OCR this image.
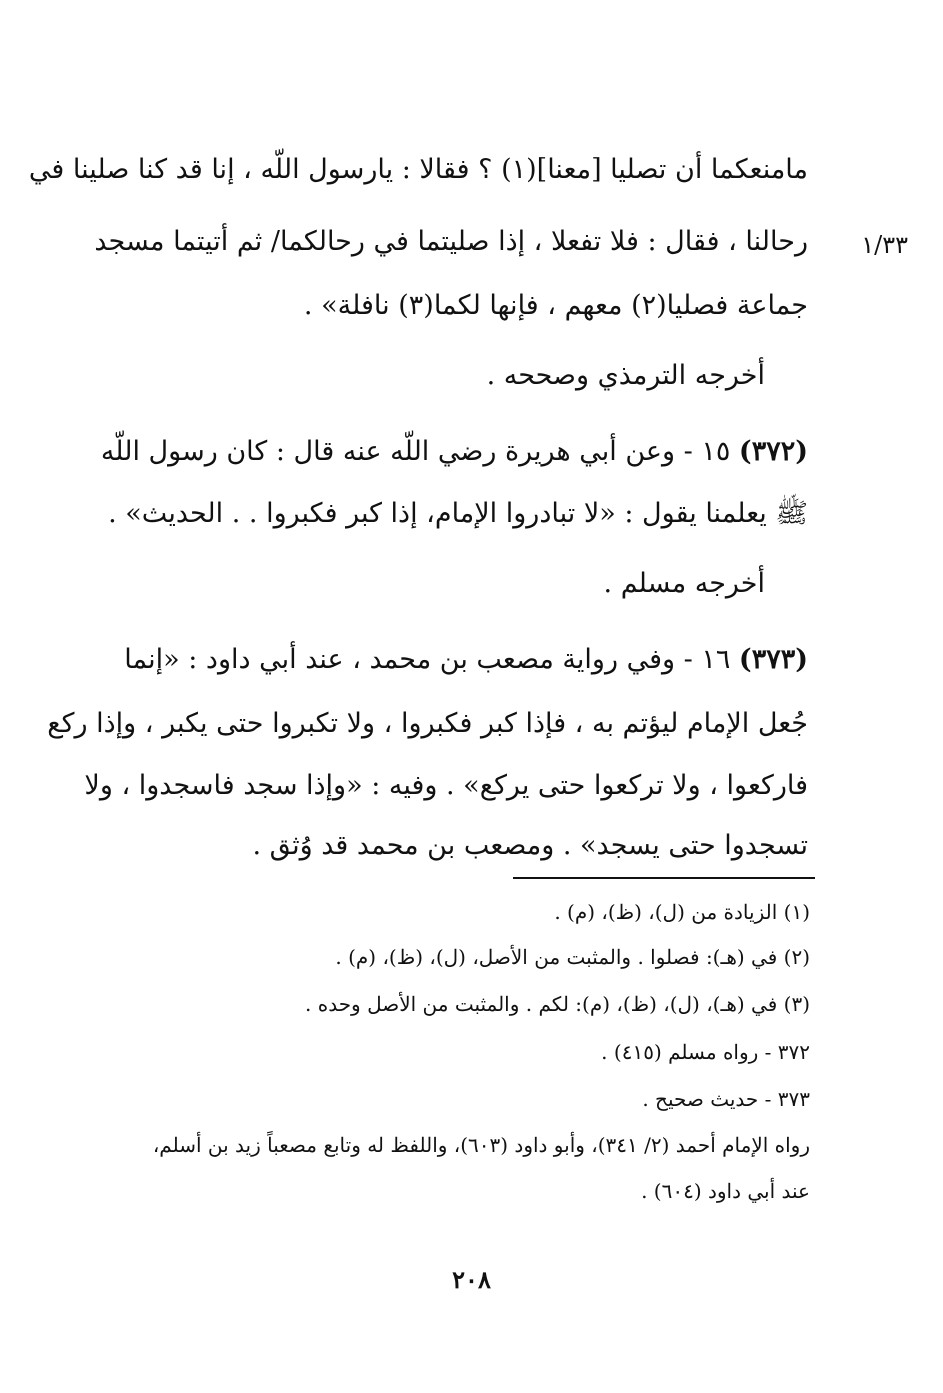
١/٣٣
مامنعكما أن تصليا [معنا](١) ؟ فقالا : يارسول اللّه ، إنا قد كنا صلينا في
رحالنا ، فقال : فلا تفعلا ، إذا صليتما في رحالكما/ ثم أتيتما مسجد
جماعة فصليا(٢) معهم ، فإنها لكما(٣) نافلة» .
أخرجه الترمذي وصححه .
(٣٧٢) ١٥ - وعن أبي هريرة رضي اللّه عنه قال : كان رسول اللّه
ﷺ يعلمنا يقول : «لا تبادروا الإمام، إذا كبر فكبروا . . الحديث» .
أخرجه مسلم .
(٣٧٣) ١٦ - وفي رواية مصعب بن محمد ، عند أبي داود : «إنما
جُعل الإمام ليؤتم به ، فإذا كبر فكبروا ، ولا تكبروا حتى يكبر ، وإذا ركع
فاركعوا ، ولا تركعوا حتى يركع» . وفيه : «وإذا سجد فاسجدوا ، ولا
تسجدوا حتى يسجد» . ومصعب بن محمد قد وُثق .
(١) الزيادة من (ل)، (ظ)، (م) .
(٢) في (هـ): فصلوا . والمثبت من الأصل، (ل)، (ظ)، (م) .
(٣) في (هـ)، (ل)، (ظ)، (م): لكم . والمثبت من الأصل وحده .
٣٧٢ - رواه مسلم (٤١٥) .
٣٧٣ - حديث صحيح .
رواه الإمام أحمد (٢/ ٣٤١)، وأبو داود (٦٠٣)، واللفظ له وتابع مصعباً زيد بن أسلم،
عند أبي داود (٦٠٤) .
٢٠٨
